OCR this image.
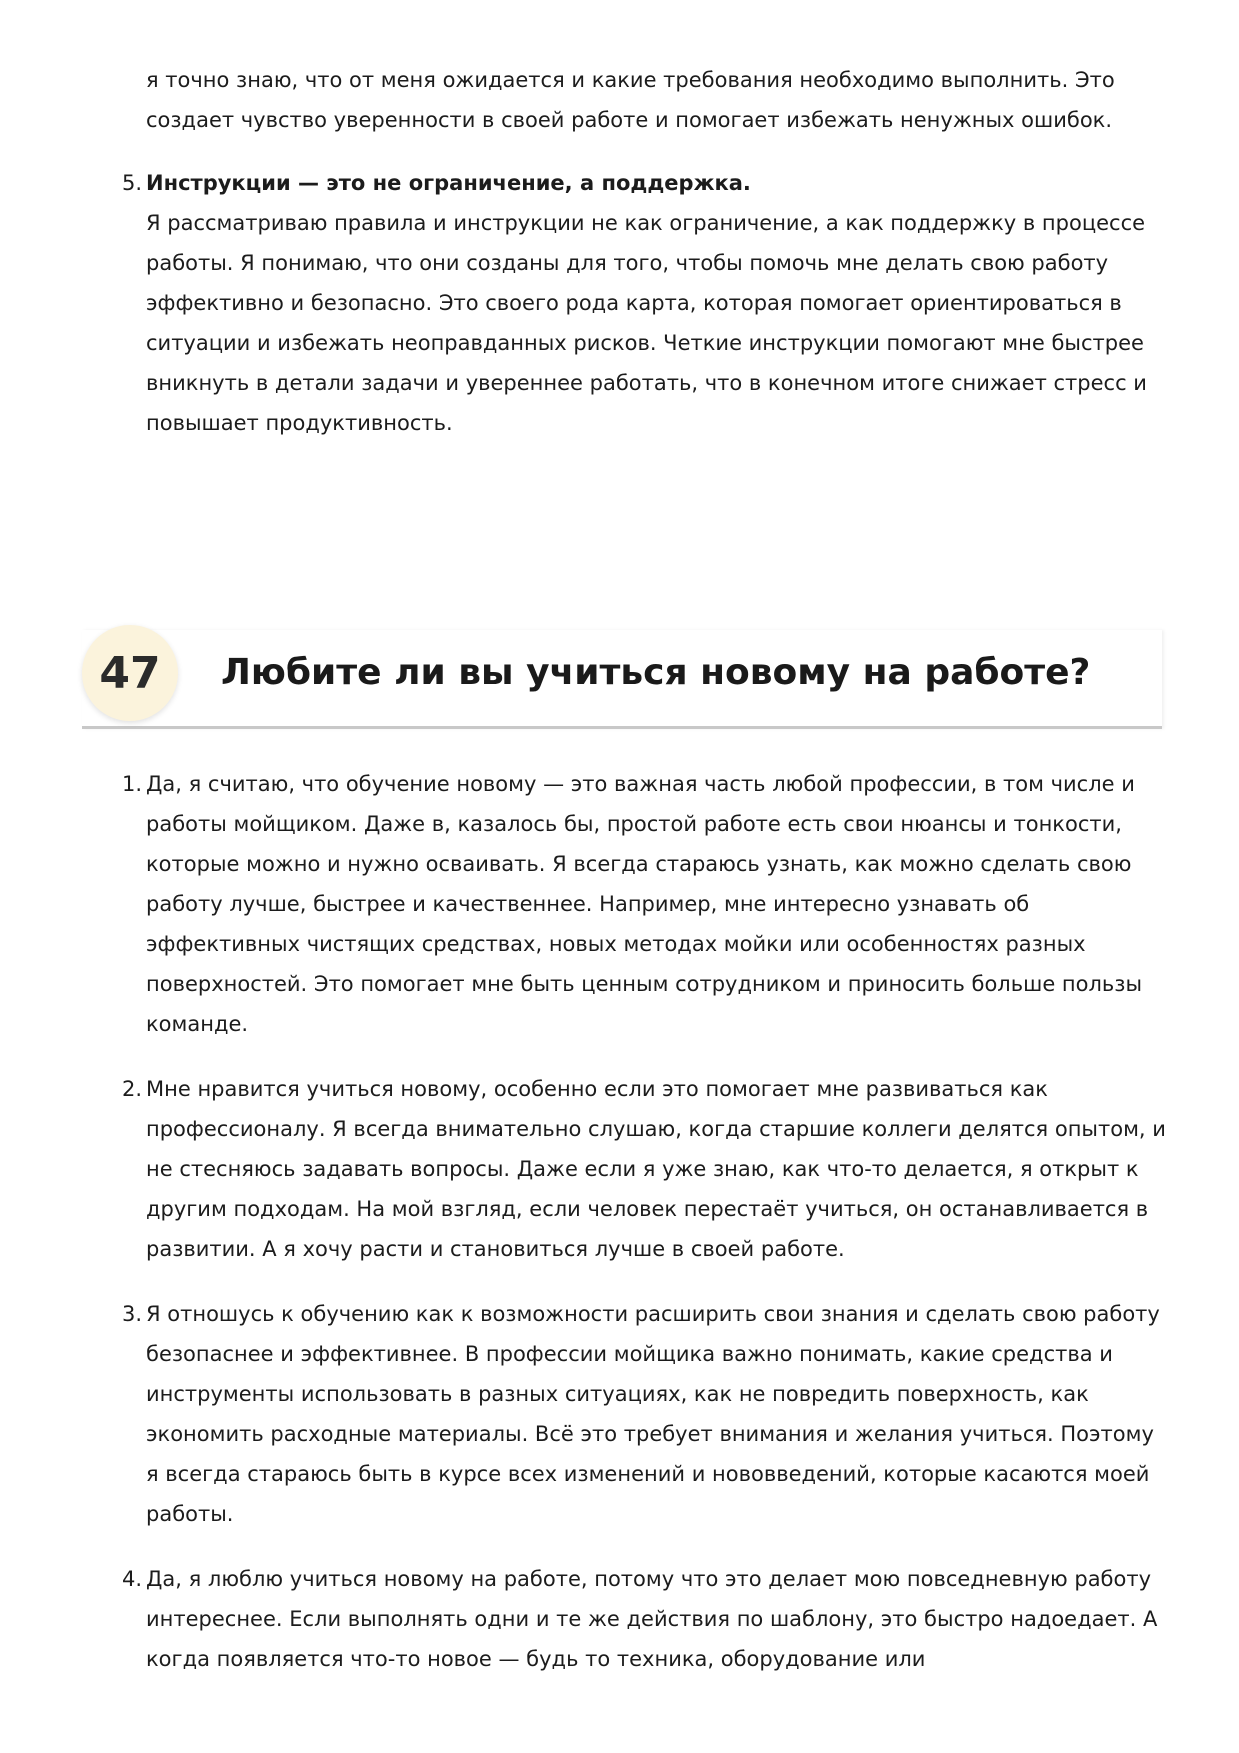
я точно знаю, что от меня ожидается и какие требования необходимо выполнить. Это создает чувство уверенности в своей работе и помогает избежать ненужных ошибок.

5. Инструкции — это не ограничение, а поддержка.
Я рассматриваю правила и инструкции не как ограничение, а как поддержку в процессе работы. Я понимаю, что они созданы для того, чтобы помочь мне делать свою работу эффективно и безопасно. Это своего рода карта, которая помогает ориентироваться в ситуации и избежать неоправданных рисков. Четкие инструкции помогают мне быстрее вникнуть в детали задачи и увереннее работать, что в конечном итоге снижает стресс и повышает продуктивность.
47 Любите ли вы учиться новому на работе?
1. Да, я считаю, что обучение новому — это важная часть любой профессии, в том числе и работы мойщиком. Даже в, казалось бы, простой работе есть свои нюансы и тонкости, которые можно и нужно осваивать. Я всегда стараюсь узнать, как можно сделать свою работу лучше, быстрее и качественнее. Например, мне интересно узнавать об эффективных чистящих средствах, новых методах мойки или особенностях разных поверхностей. Это помогает мне быть ценным сотрудником и приносить больше пользы команде.

2. Мне нравится учиться новому, особенно если это помогает мне развиваться как профессионалу. Я всегда внимательно слушаю, когда старшие коллеги делятся опытом, и не стесняюсь задавать вопросы. Даже если я уже знаю, как что-то делается, я открыт к другим подходам. На мой взгляд, если человек перестаёт учиться, он останавливается в развитии. А я хочу расти и становиться лучше в своей работе.

3. Я отношусь к обучению как к возможности расширить свои знания и сделать свою работу безопаснее и эффективнее. В профессии мойщика важно понимать, какие средства и инструменты использовать в разных ситуациях, как не повредить поверхность, как экономить расходные материалы. Всё это требует внимания и желания учиться. Поэтому я всегда стараюсь быть в курсе всех изменений и нововведений, которые касаются моей работы.

4. Да, я люблю учиться новому на работе, потому что это делает мою повседневную работу интереснее. Если выполнять одни и те же действия по шаблону, это быстро надоедает. А когда появляется что-то новое — будь то техника, оборудование или
